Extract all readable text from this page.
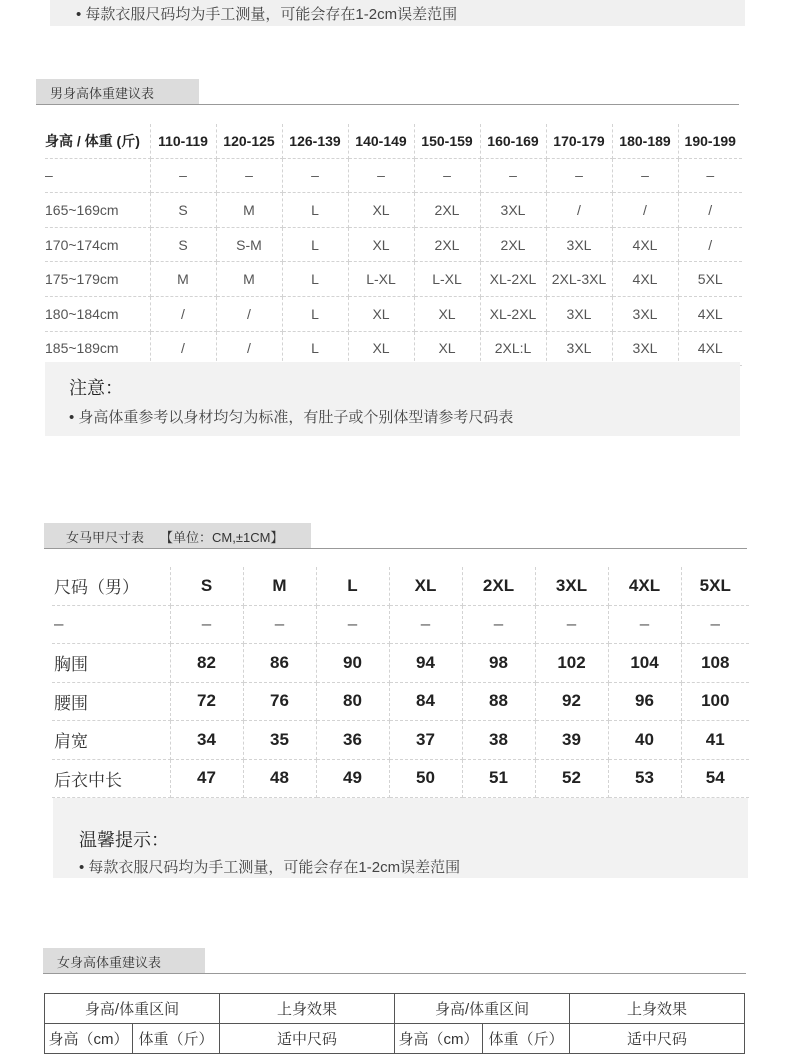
• 每款衣服尺码均为手工测量，可能会存在1-2cm误差范围
男身高体重建议表
身高 / 体重 (斤)	110-119	120-125	126-139	140-149	150-159	160-169	170-179	180-189	190-199
–	–	–	–	–	–	–	–	–	–
165~169cm	S	M	L	XL	2XL	3XL	/	/	/
170~174cm	S	S-M	L	XL	2XL	2XL	3XL	4XL	/
175~179cm	M	M	L	L-XL	L-XL	XL-2XL	2XL-3XL	4XL	5XL
180~184cm	/	/	L	XL	XL	XL-2XL	3XL	3XL	4XL
185~189cm	/	/	L	XL	XL	2XL:L	3XL	3XL	4XL
注意：
• 身高体重参考以身材均匀为标准，有肚子或个别体型请参考尺码表
女马甲尺寸表 【单位：CM,±1CM】
尺码（男）	S	M	L	XL	2XL	3XL	4XL	5XL
–	–	–	–	–	–	–	–	–
胸围	82	86	90	94	98	102	104	108
腰围	72	76	80	84	88	92	96	100
肩宽	34	35	36	37	38	39	40	41
后衣中长	47	48	49	50	51	52	53	54
温馨提示：
• 每款衣服尺码均为手工测量，可能会存在1-2cm误差范围
女身高体重建议表
身高/体重区间		上身效果	身高/体重区间		上身效果
身高（cm）	体重（斤）	适中尺码	身高（cm）	体重（斤）	适中尺码
